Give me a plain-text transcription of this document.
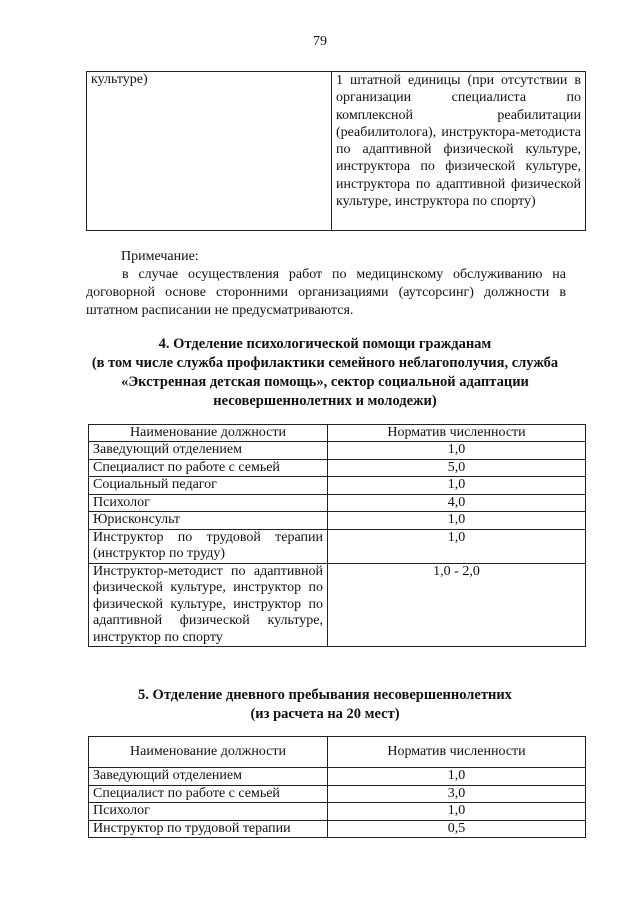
79
культуре)	1 штатной единицы (при отсутствии в организации специалиста по комплексной реабилитации (реабилитолога), инструктора-методиста по адаптивной физической культуре, инструктора по физической культуре, инструктора по адаптивной физической культуре, инструктора по спорту)
Примечание:
в случае осуществления работ по медицинскому обслуживанию на договорной основе сторонними организациями (аутсорсинг) должности в штатном расписании не предусматриваются.
4. Отделение психологической помощи гражданам
(в том числе служба профилактики семейного неблагополучия, служба
«Экстренная детская помощь», сектор социальной адаптации
несовершеннолетних и молодежи)
Наименование должности	Норматив численности
Заведующий отделением	1,0
Специалист по работе с семьей	5,0
Социальный педагог	1,0
Психолог	4,0
Юрисконсульт	1,0
Инструктор по трудовой терапии (инструктор по труду)	1,0
Инструктор-методист по адаптивной физической культуре, инструктор по физической культуре, инструктор по адаптивной физической культуре, инструктор по спорту	1,0 - 2,0
5. Отделение дневного пребывания несовершеннолетних
(из расчета на 20 мест)
Наименование должности	Норматив численности
Заведующий отделением	1,0
Специалист по работе с семьей	3,0
Психолог	1,0
Инструктор по трудовой терапии	0,5
